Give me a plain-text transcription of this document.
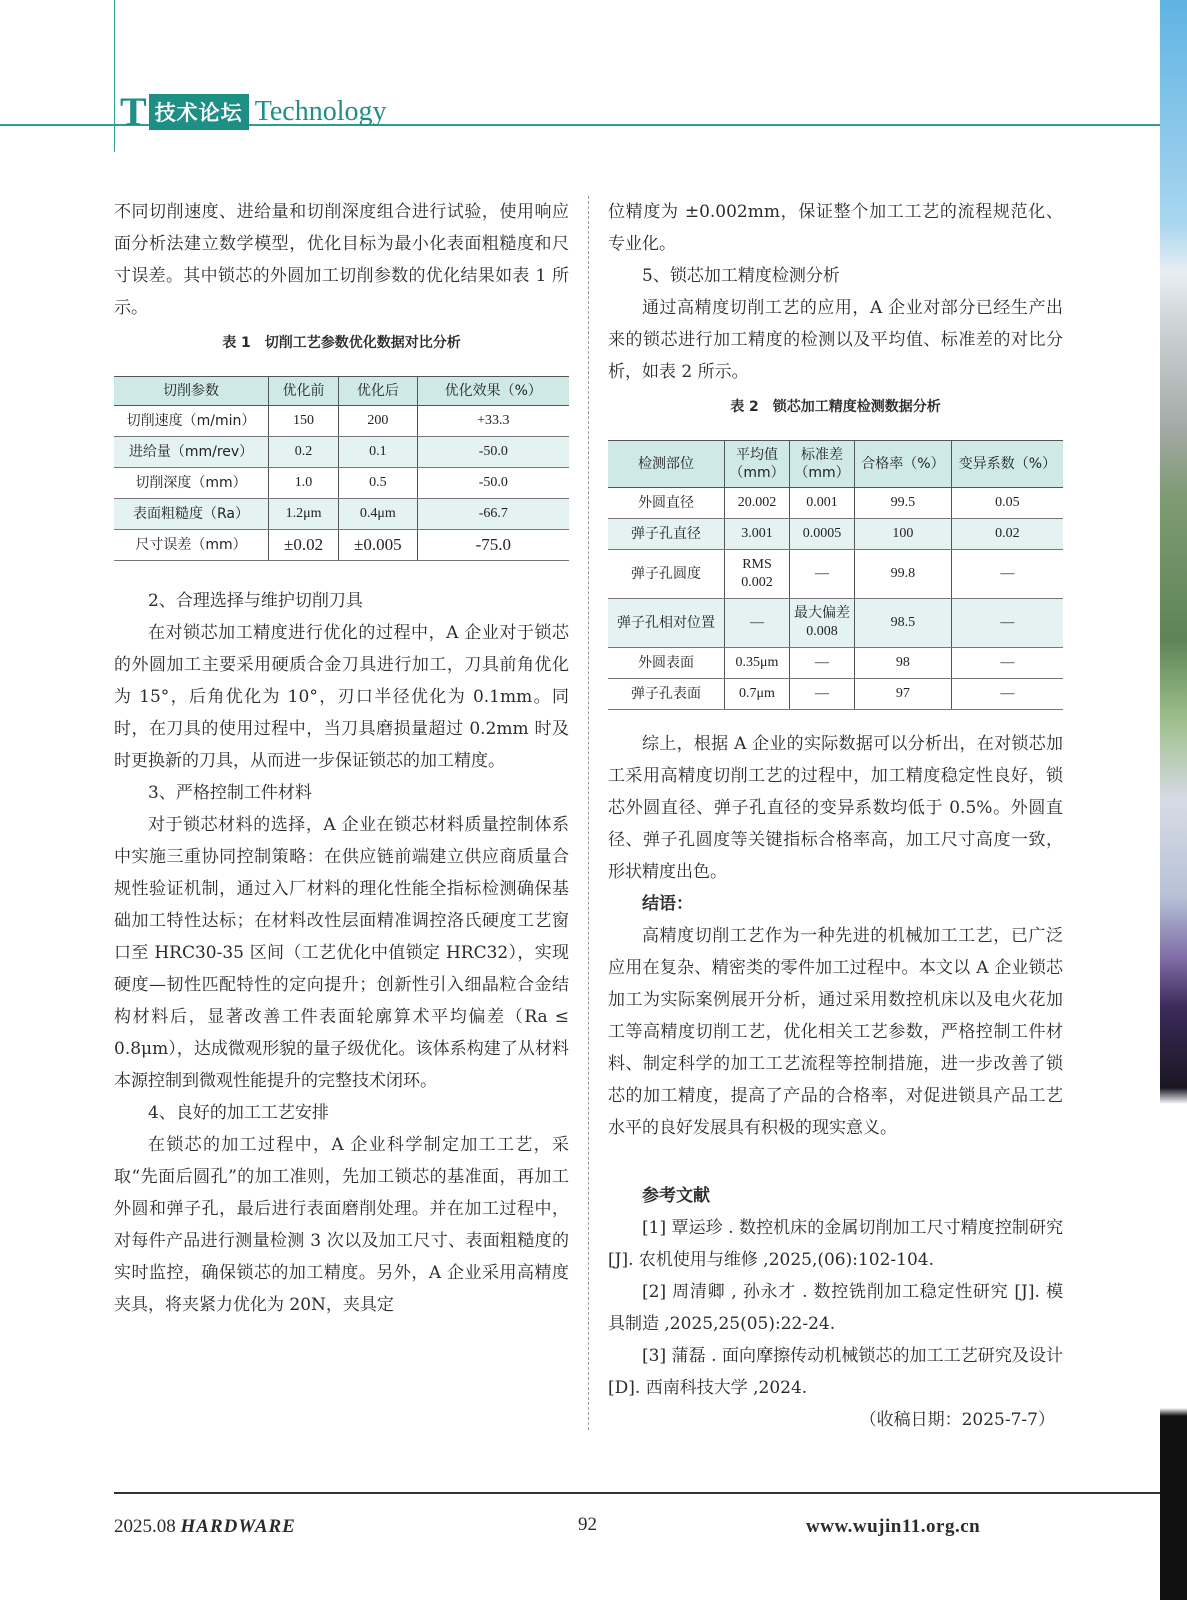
T 技术论坛 Technology

不同切削速度、进给量和切削深度组合进行试验，使用响应面分析法建立数学模型，优化目标为最小化表面粗糙度和尺寸误差。其中锁芯的外圆加工切削参数的优化结果如表 1 所示。

表 1　切削工艺参数优化数据对比分析
切削参数	优化前	优化后	优化效果（%）
切削速度（m/min）	150	200	+33.3
进给量（mm/rev）	0.2	0.1	-50.0
切削深度（mm）	1.0	0.5	-50.0
表面粗糙度（Ra）	1.2μm	0.4μm	-66.7
尺寸误差（mm）	±0.02	±0.005	-75.0

2、合理选择与维护切削刀具

在对锁芯加工精度进行优化的过程中，A 企业对于锁芯的外圆加工主要采用硬质合金刀具进行加工，刀具前角优化为 15°，后角优化为 10°，刃口半径优化为 0.1mm。同时，在刀具的使用过程中，当刀具磨损量超过 0.2mm 时及时更换新的刀具，从而进一步保证锁芯的加工精度。

3、严格控制工件材料

对于锁芯材料的选择，A 企业在锁芯材料质量控制体系中实施三重协同控制策略：在供应链前端建立供应商质量合规性验证机制，通过入厂材料的理化性能全指标检测确保基础加工特性达标；在材料改性层面精准调控洛氏硬度工艺窗口至 HRC30-35 区间（工艺优化中值锁定 HRC32），实现硬度—韧性匹配特性的定向提升；创新性引入细晶粒合金结构材料后，显著改善工件表面轮廓算术平均偏差（Ra ≤ 0.8μm），达成微观形貌的量子级优化。该体系构建了从材料本源控制到微观性能提升的完整技术闭环。

4、良好的加工工艺安排

在锁芯的加工过程中，A 企业科学制定加工工艺，采取“先面后圆孔”的加工准则，先加工锁芯的基准面，再加工外圆和弹子孔，最后进行表面磨削处理。并在加工过程中，对每件产品进行测量检测 3 次以及加工尺寸、表面粗糙度的实时监控，确保锁芯的加工精度。另外，A 企业采用高精度夹具，将夹紧力优化为 20N，夹具定

位精度为 ±0.002mm，保证整个加工工艺的流程规范化、专业化。

5、锁芯加工精度检测分析

通过高精度切削工艺的应用，A 企业对部分已经生产出来的锁芯进行加工精度的检测以及平均值、标准差的对比分析，如表 2 所示。

表 2　锁芯加工精度检测数据分析
检测部位	平均值（mm）	标准差（mm）	合格率（%）	变异系数（%）
外圆直径	20.002	0.001	99.5	0.05
弹子孔直径	3.001	0.0005	100	0.02
弹子孔圆度	RMS 0.002	—	99.8	—
弹子孔相对位置	—	最大偏差 0.008	98.5	—
外圆表面	0.35μm	—	98	—
弹子孔表面	0.7μm	—	97	—

综上，根据 A 企业的实际数据可以分析出，在对锁芯加工采用高精度切削工艺的过程中，加工精度稳定性良好，锁芯外圆直径、弹子孔直径的变异系数均低于 0.5%。外圆直径、弹子孔圆度等关键指标合格率高，加工尺寸高度一致，形状精度出色。

结语：

高精度切削工艺作为一种先进的机械加工工艺，已广泛应用在复杂、精密类的零件加工过程中。本文以 A 企业锁芯加工为实际案例展开分析，通过采用数控机床以及电火花加工等高精度切削工艺，优化相关工艺参数，严格控制工件材料、制定科学的加工工艺流程等控制措施，进一步改善了锁芯的加工精度，提高了产品的合格率，对促进锁具产品工艺水平的良好发展具有积极的现实意义。

参考文献

[1] 覃运珍 . 数控机床的金属切削加工尺寸精度控制研究 [J]. 农机使用与维修 ,2025,(06):102-104.

[2] 周清卿 , 孙永才 . 数控铣削加工稳定性研究 [J]. 模具制造 ,2025,25(05):22-24.

[3] 蒲磊 . 面向摩擦传动机械锁芯的加工工艺研究及设计 [D]. 西南科技大学 ,2024.

（收稿日期：2025-7-7）

2025.08 HARDWARE	92	www.wujin11.org.cn
